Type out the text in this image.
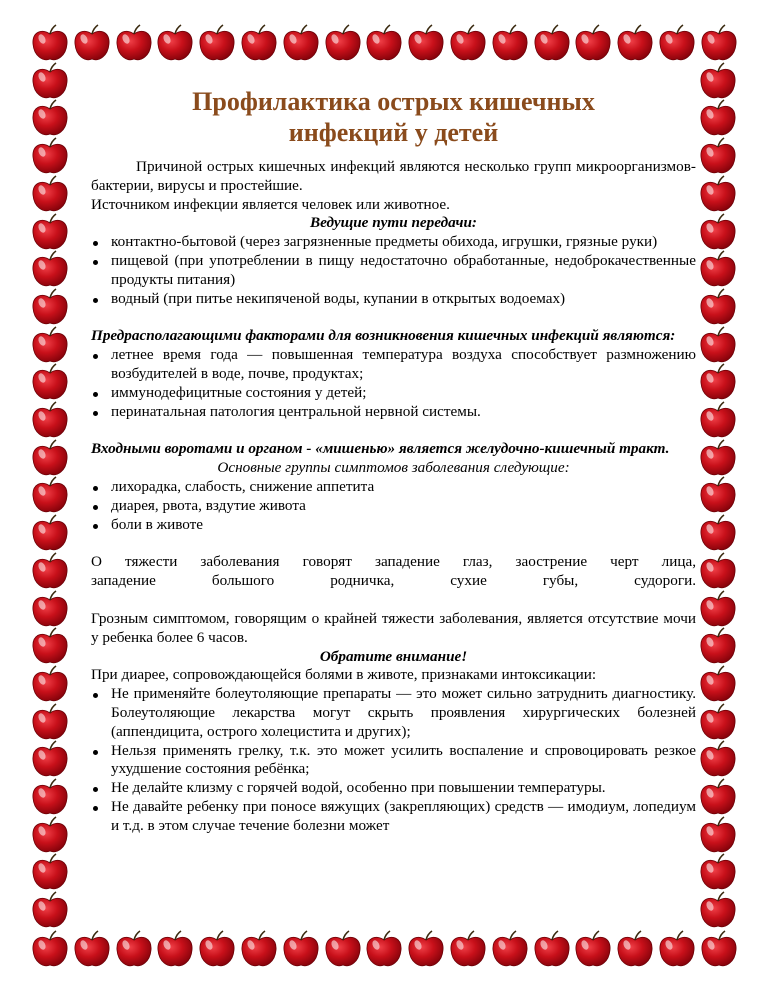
Профилактика острых кишечных
инфекций у детей

Причиной острых кишечных инфекций являются несколько групп микроорганизмов- бактерии, вирусы и простейшие.

Источником инфекции является человек или животное.

Ведущие пути передачи:

контактно-бытовой (через загрязненные предметы обихода, игрушки, грязные руки)
пищевой (при употреблении в пищу недостаточно обработанные, недоброкачественные продукты питания)
водный (при питье некипяченой воды, купании в открытых водоемах)

Предрасполагающими факторами для возникновения кишечных инфекций являются:

летнее время года — повышенная температура воздуха способствует размножению возбудителей в воде, почве, продуктах;
иммунодефицитные состояния у детей;
перинатальная патология центральной нервной системы.

Входными воротами и органом - «мишенью» является желудочно-кишечный тракт.

Основные группы симптомов заболевания следующие:

лихорадка, слабость, снижение аппетита
диарея, рвота, вздутие живота
боли в животе

О тяжести заболевания говорят западение глаз, заострение черт лица,

западение большого родничка, сухие губы, судороги.

Грозным симптомом, говорящим о крайней тяжести заболевания, является отсутствие мочи у ребенка более 6 часов.

Обратите внимание!

При диарее, сопровождающейся болями в животе, признаками интоксикации:

Не применяйте болеутоляющие препараты — это может сильно затруднить диагностику. Болеутоляющие лекарства могут скрыть проявления хирургических болезней (аппендицита, острого холецистита и других);
Нельзя применять грелку, т.к. это может усилить воспаление и спровоцировать резкое ухудшение состояния ребёнка;
Не делайте клизму с горячей водой, особенно при повышении температуры.
Не давайте ребенку при поносе вяжущих (закрепляющих) средств — имодиум, лопедиум и т.д. в этом случае течение болезни может
